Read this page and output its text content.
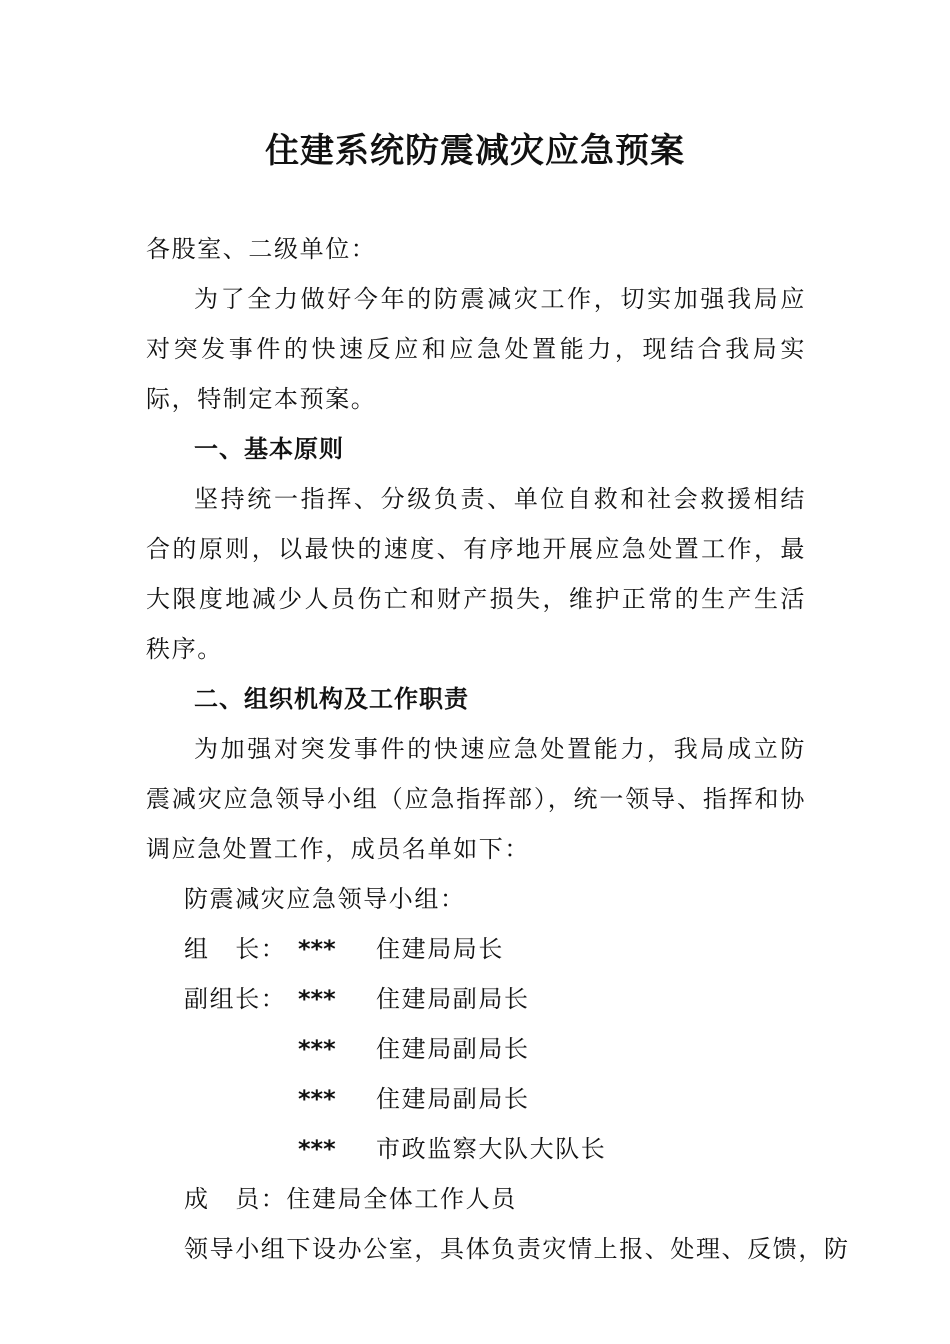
住建系统防震减灾应急预案

各股室、二级单位：

为了全力做好今年的防震减灾工作，切实加强我局应对突发事件的快速反应和应急处置能力，现结合我局实际，特制定本预案。

一、基本原则

坚持统一指挥、分级负责、单位自救和社会救援相结合的原则，以最快的速度、有序地开展应急处置工作，最大限度地减少人员伤亡和财产损失，维护正常的生产生活秩序。

二、组织机构及工作职责

为加强对突发事件的快速应急处置能力，我局成立防震减灾应急领导小组（应急指挥部），统一领导、指挥和协调应急处置工作，成员名单如下：

防震减灾应急领导小组：

组　长： *** 住建局局长

副组长： *** 住建局副局长

*** 住建局副局长

*** 住建局副局长

*** 市政监察大队大队长

成　员：住建局全体工作人员

领导小组下设办公室，具体负责灾情上报、处理、反馈，防
